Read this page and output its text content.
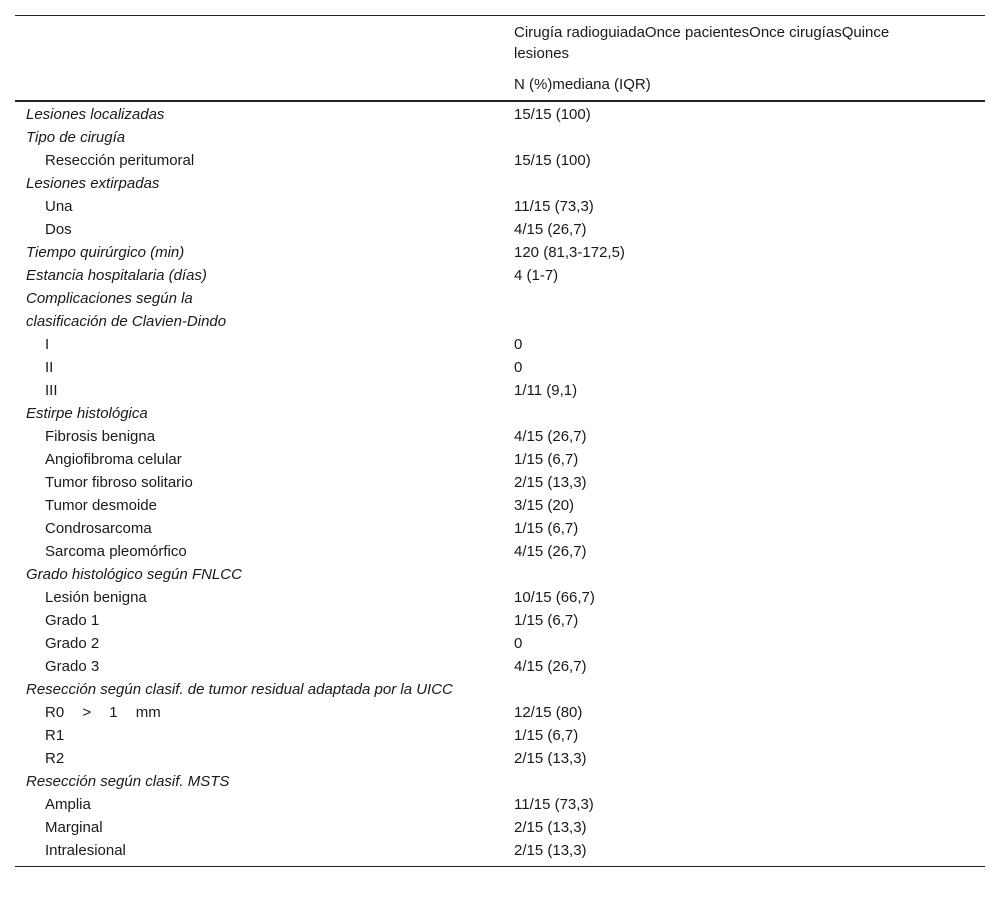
Cirugía radioguiadaOnce pacientesOnce cirugíasQuince lesiones
N (%)mediana (IQR)
Lesiones localizadas	15/15 (100)
Tipo de cirugía
Resección peritumoral	15/15 (100)
Lesiones extirpadas
Una	11/15 (73,3)
Dos	4/15 (26,7)
Tiempo quirúrgico (min)	120 (81,3-172,5)
Estancia hospitalaria (días)	4 (1-7)
Complicaciones según la clasificación de Clavien-Dindo
I	0
II	0
III	1/11 (9,1)
Estirpe histológica
Fibrosis benigna	4/15 (26,7)
Angiofibroma celular	1/15 (6,7)
Tumor fibroso solitario	2/15 (13,3)
Tumor desmoide	3/15 (20)
Condrosarcoma	1/15 (6,7)
Sarcoma pleomórfico	4/15 (26,7)
Grado histológico según FNLCC
Lesión benigna	10/15 (66,7)
Grado 1	1/15 (6,7)
Grado 2	0
Grado 3	4/15 (26,7)
Resección según clasif. de tumor residual adaptada por la UICC
R0 > 1 mm	12/15 (80)
R1	1/15 (6,7)
R2	2/15 (13,3)
Resección según clasif. MSTS
Amplia	11/15 (73,3)
Marginal	2/15 (13,3)
Intralesional	2/15 (13,3)
